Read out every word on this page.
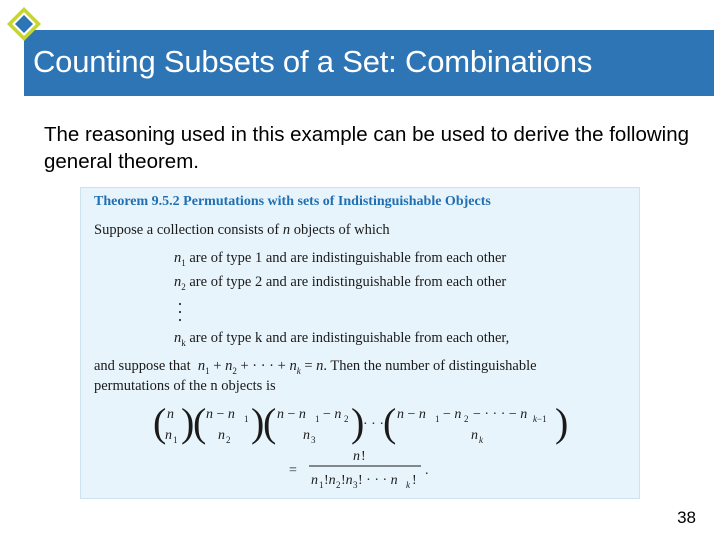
Counting Subsets of a Set: Combinations
The reasoning used in this example can be used to derive the following general theorem.
Theorem 9.5.2 Permutations with sets of Indistinguishable Objects
Suppose a collection consists of n objects of which
$n_1$ are of type 1 and are indistinguishable from each other
$n_2$ are of type 2 and are indistinguishable from each other
$n_k$ are of type k and are indistinguishable from each other,
and suppose that $n_1 + n_2$ + · · · + $n_k = n$. Then the number of distinguishable
permutations of the n objects is
( n
n 1 )
( n − n 1
n 2 )
( n − n 1 − n 2
n 3 )
· · · ( n − n 1 − n 2 − · · · − n k−1
n k )
=
n !
n 1 !n 2 !n 3 ! · · · n k !
.
38
